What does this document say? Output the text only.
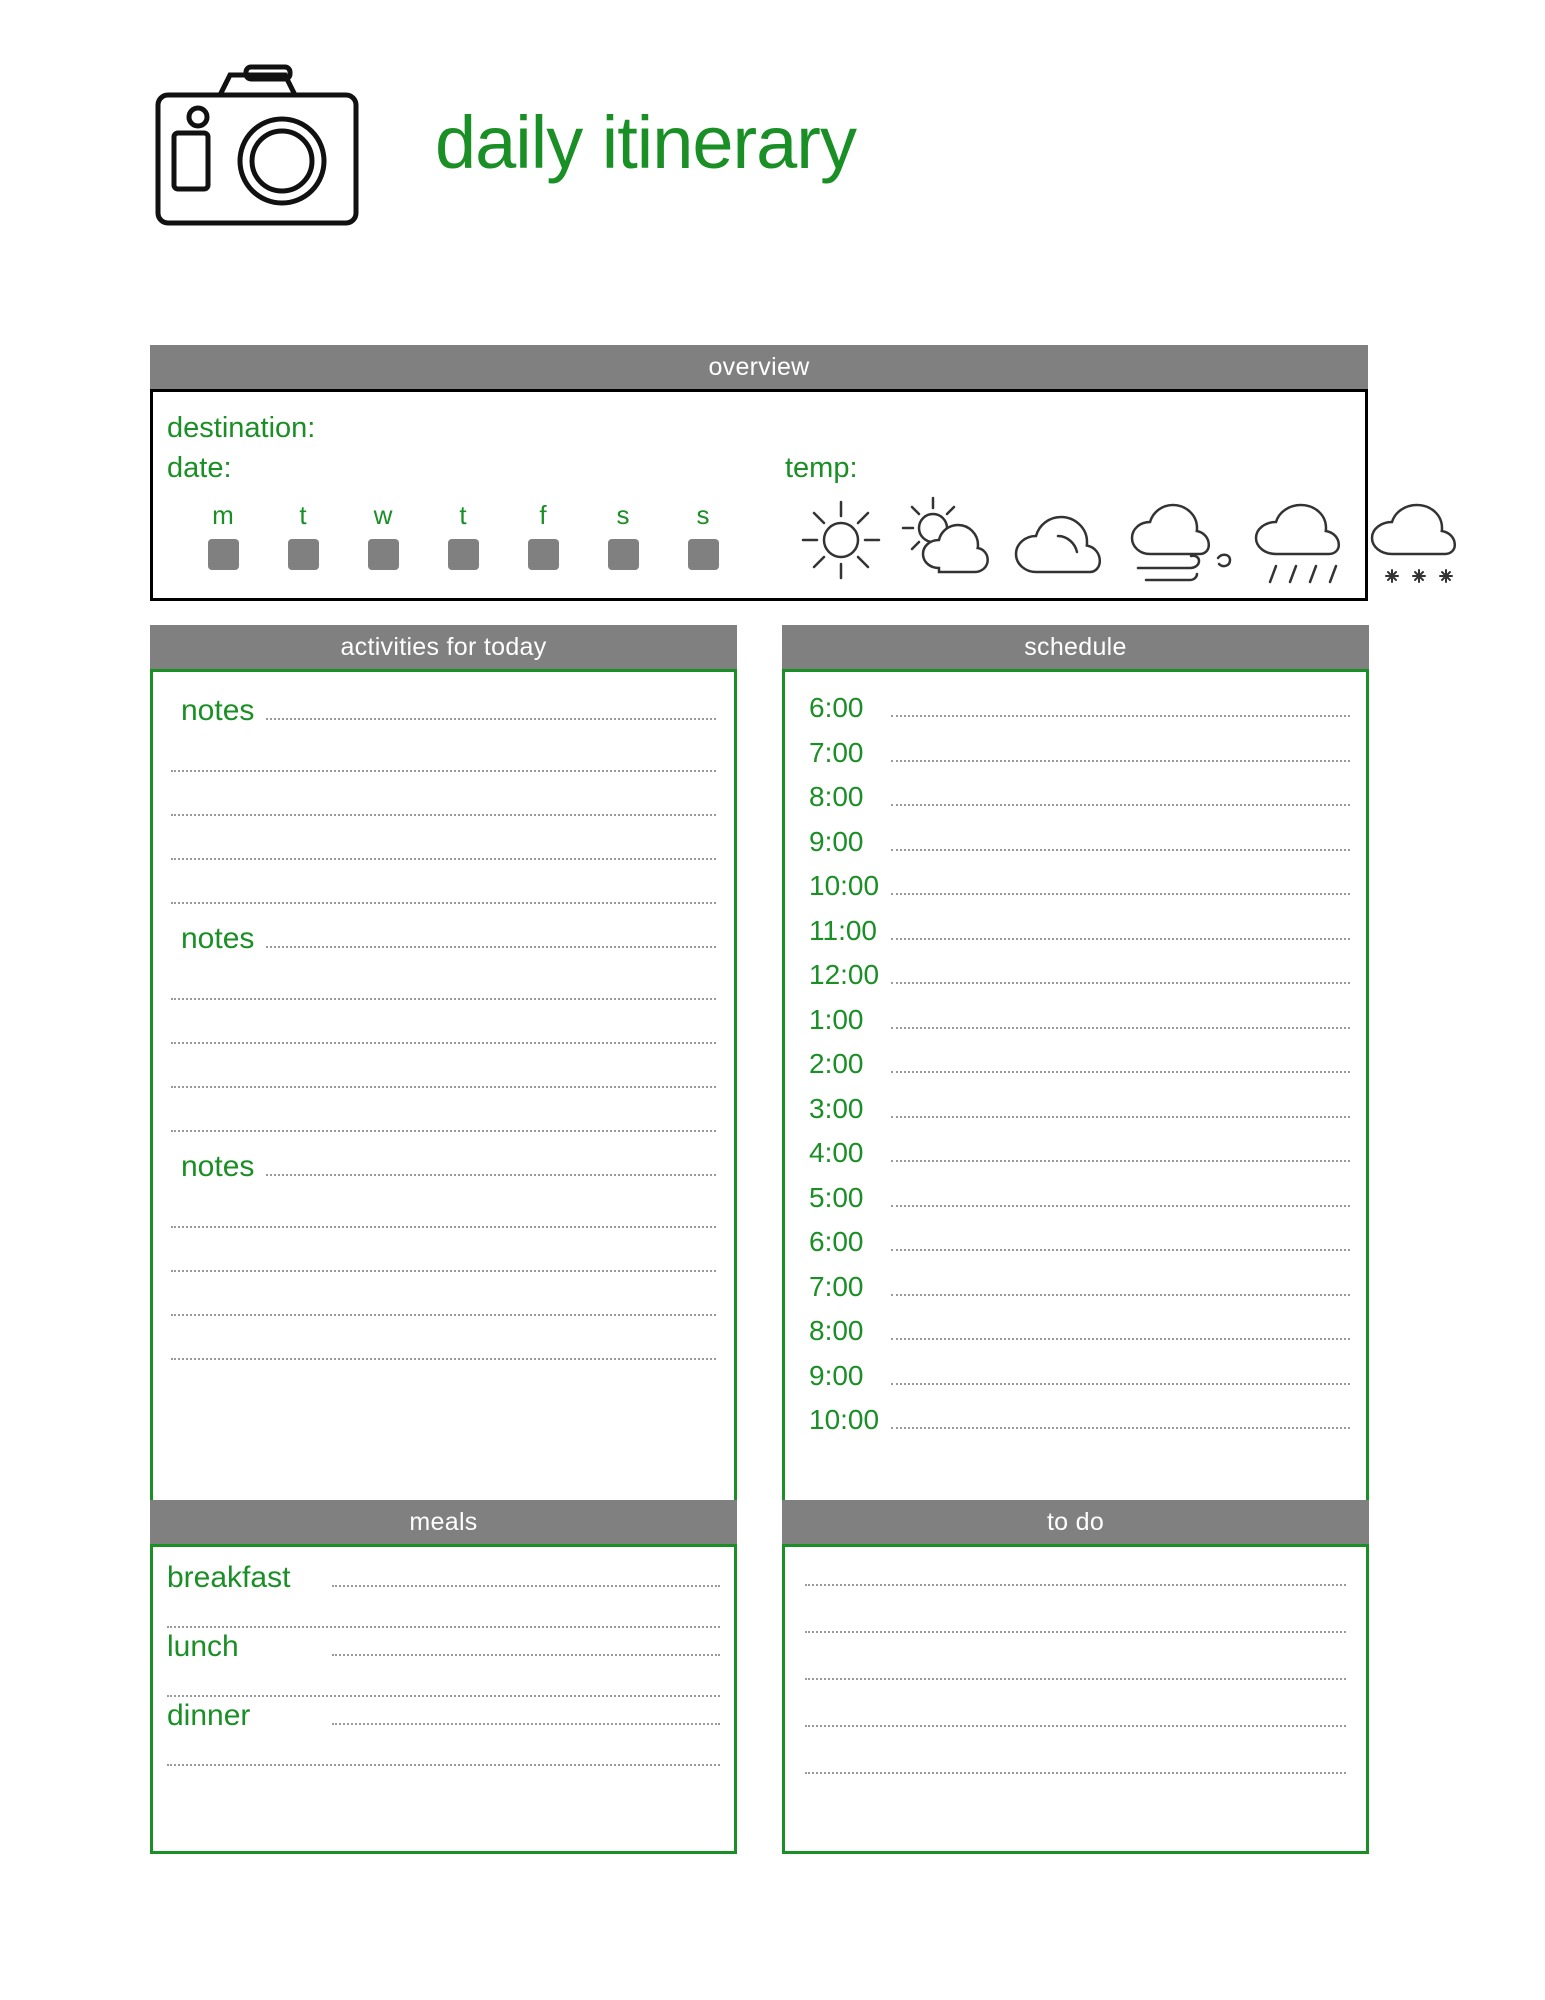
daily itinerary
overview
destination:
date:	temp:
m	t	w	t	f	s	s
activities for today
notes
notes
notes
schedule
6:00
7:00
8:00
9:00
10:00
11:00
12:00
1:00
2:00
3:00
4:00
5:00
6:00
7:00
8:00
9:00
10:00
meals
breakfast
lunch
dinner
to do
